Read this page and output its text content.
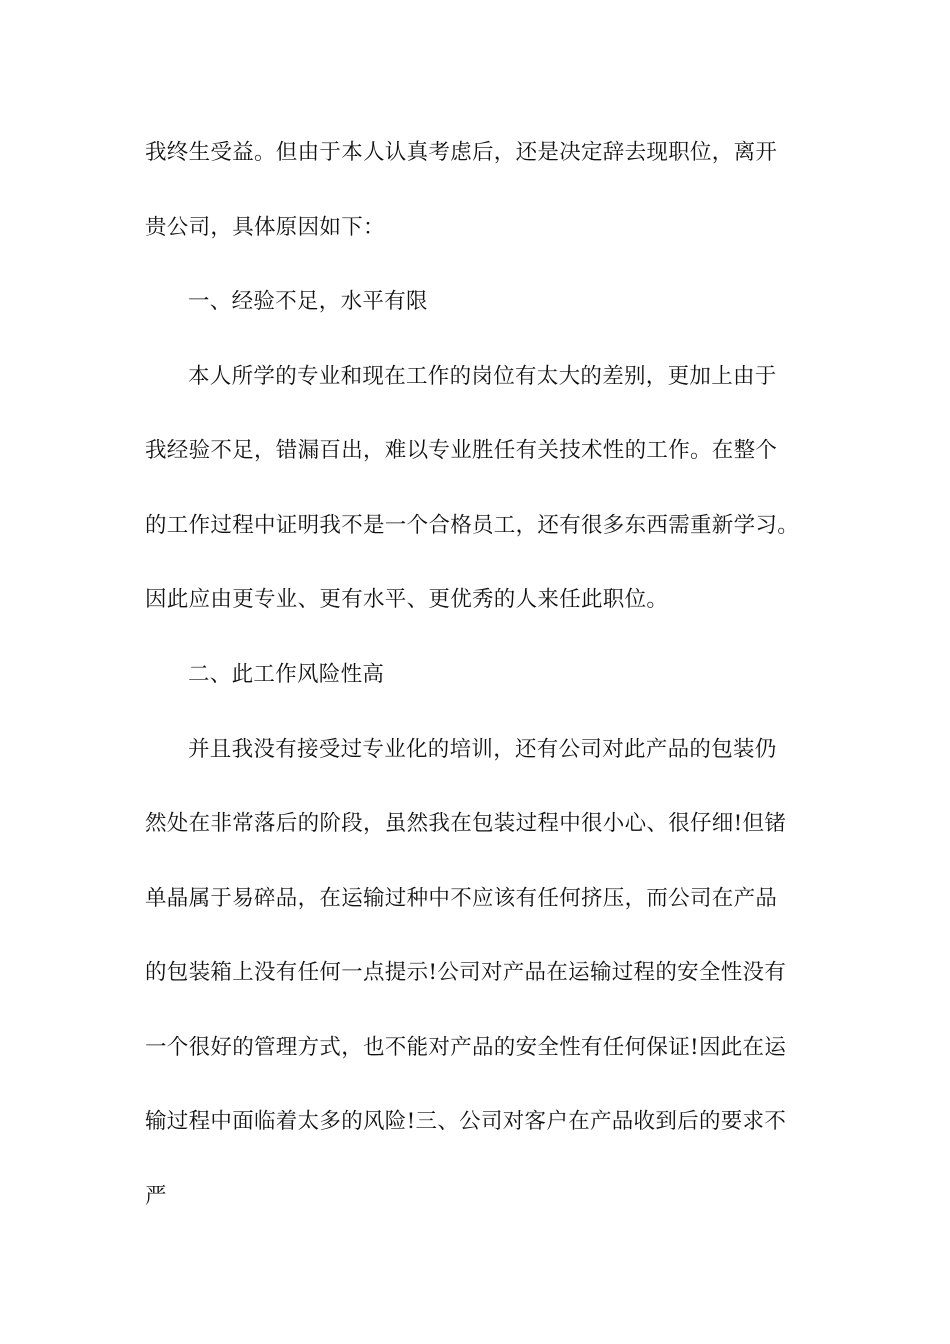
我终生受益。但由于本人认真考虑后，还是决定辞去现职位，离开
贵公司，具体原因如下：
一、经验不足，水平有限
本人所学的专业和现在工作的岗位有太大的差别，更加上由于
我经验不足，错漏百出，难以专业胜任有关技术性的工作。在整个
的工作过程中证明我不是一个合格员工，还有很多东西需重新学习。
因此应由更专业、更有水平、更优秀的人来任此职位。
二、此工作风险性高
并且我没有接受过专业化的培训，还有公司对此产品的包装仍
然处在非常落后的阶段，虽然我在包装过程中很小心、很仔细!但锗
单晶属于易碎品，在运输过种中不应该有任何挤压，而公司在产品
的包装箱上没有任何一点提示!公司对产品在运输过程的安全性没有
一个很好的管理方式，也不能对产品的安全性有任何保证!因此在运
输过程中面临着太多的风险!三、公司对客户在产品收到后的要求不
严
